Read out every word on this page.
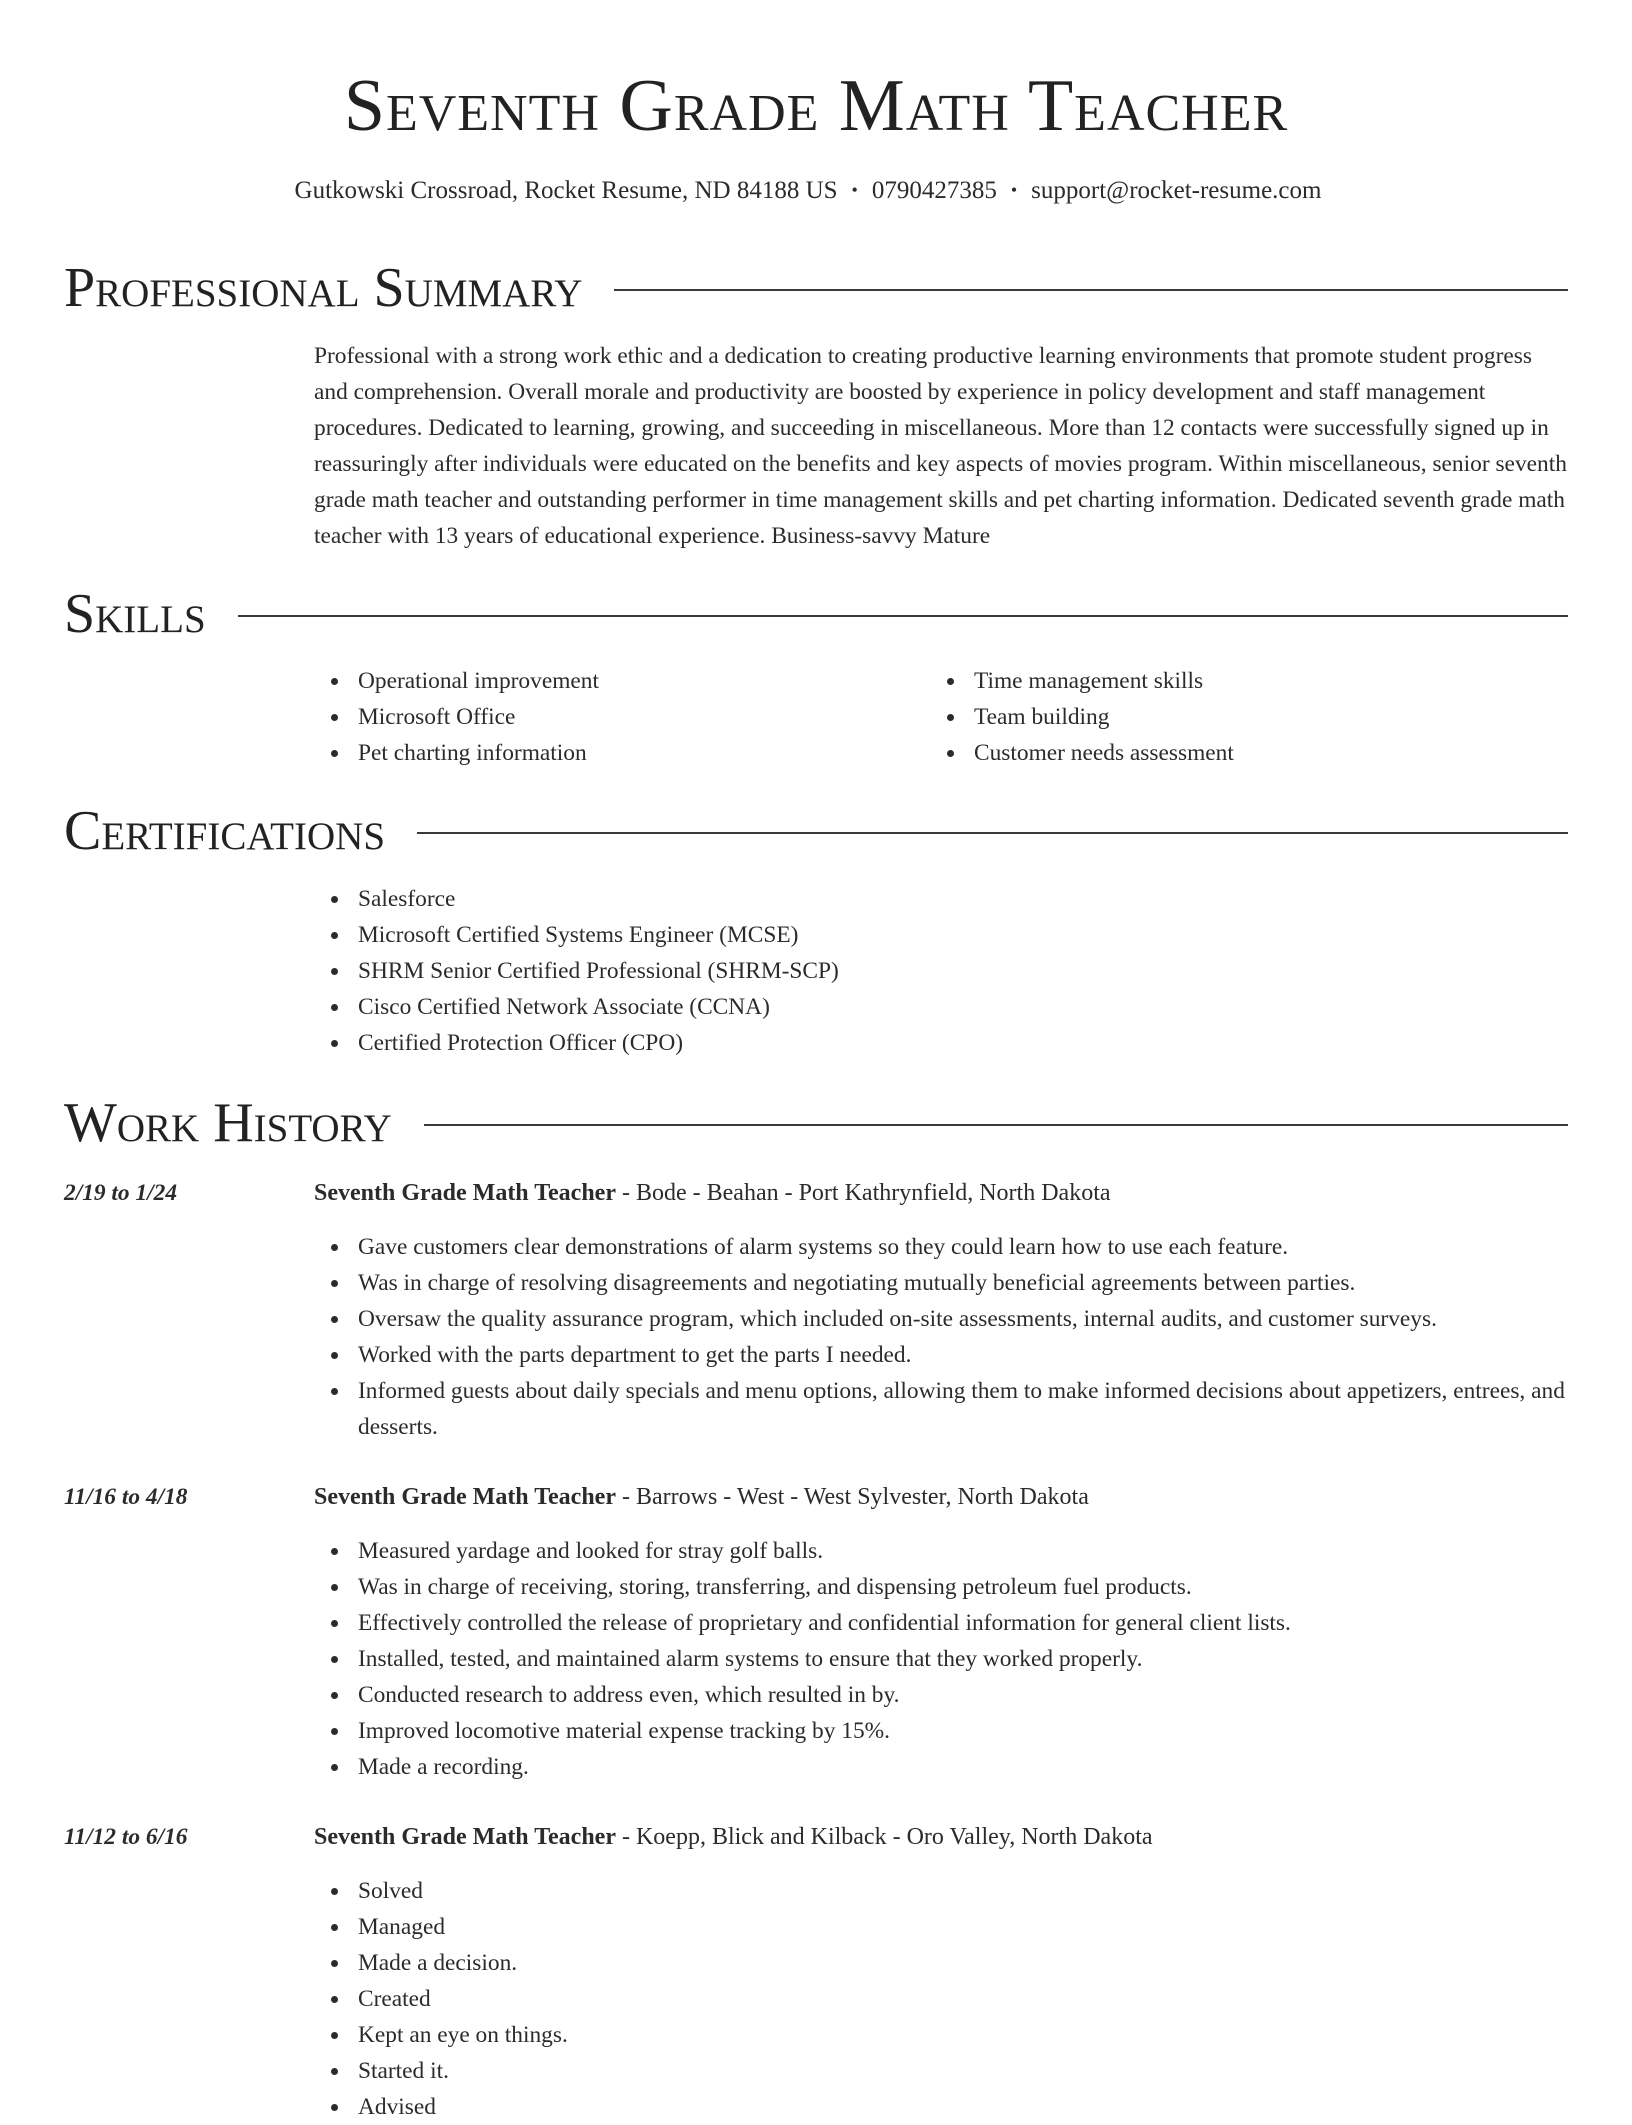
Seventh Grade Math Teacher
Gutkowski Crossroad, Rocket Resume, ND 84188 US • 0790427385 • support@rocket-resume.com
Professional Summary
Professional with a strong work ethic and a dedication to creating productive learning environments that promote student progress and comprehension. Overall morale and productivity are boosted by experience in policy development and staff management procedures. Dedicated to learning, growing, and succeeding in miscellaneous. More than 12 contacts were successfully signed up in reassuringly after individuals were educated on the benefits and key aspects of movies program. Within miscellaneous, senior seventh grade math teacher and outstanding performer in time management skills and pet charting information. Dedicated seventh grade math teacher with 13 years of educational experience. Business-savvy Mature
Skills
Operational improvement
Microsoft Office
Pet charting information
Time management skills
Team building
Customer needs assessment
Certifications
Salesforce
Microsoft Certified Systems Engineer (MCSE)
SHRM Senior Certified Professional (SHRM-SCP)
Cisco Certified Network Associate (CCNA)
Certified Protection Officer (CPO)
Work History
2/19 to 1/24	Seventh Grade Math Teacher - Bode - Beahan - Port Kathrynfield, North Dakota
Gave customers clear demonstrations of alarm systems so they could learn how to use each feature.
Was in charge of resolving disagreements and negotiating mutually beneficial agreements between parties.
Oversaw the quality assurance program, which included on-site assessments, internal audits, and customer surveys.
Worked with the parts department to get the parts I needed.
Informed guests about daily specials and menu options, allowing them to make informed decisions about appetizers, entrees, and desserts.
11/16 to 4/18	Seventh Grade Math Teacher - Barrows - West - West Sylvester, North Dakota
Measured yardage and looked for stray golf balls.
Was in charge of receiving, storing, transferring, and dispensing petroleum fuel products.
Effectively controlled the release of proprietary and confidential information for general client lists.
Installed, tested, and maintained alarm systems to ensure that they worked properly.
Conducted research to address even, which resulted in by.
Improved locomotive material expense tracking by 15%.
Made a recording.
11/12 to 6/16	Seventh Grade Math Teacher - Koepp, Blick and Kilback - Oro Valley, North Dakota
Solved
Managed
Made a decision.
Created
Kept an eye on things.
Started it.
Advised
